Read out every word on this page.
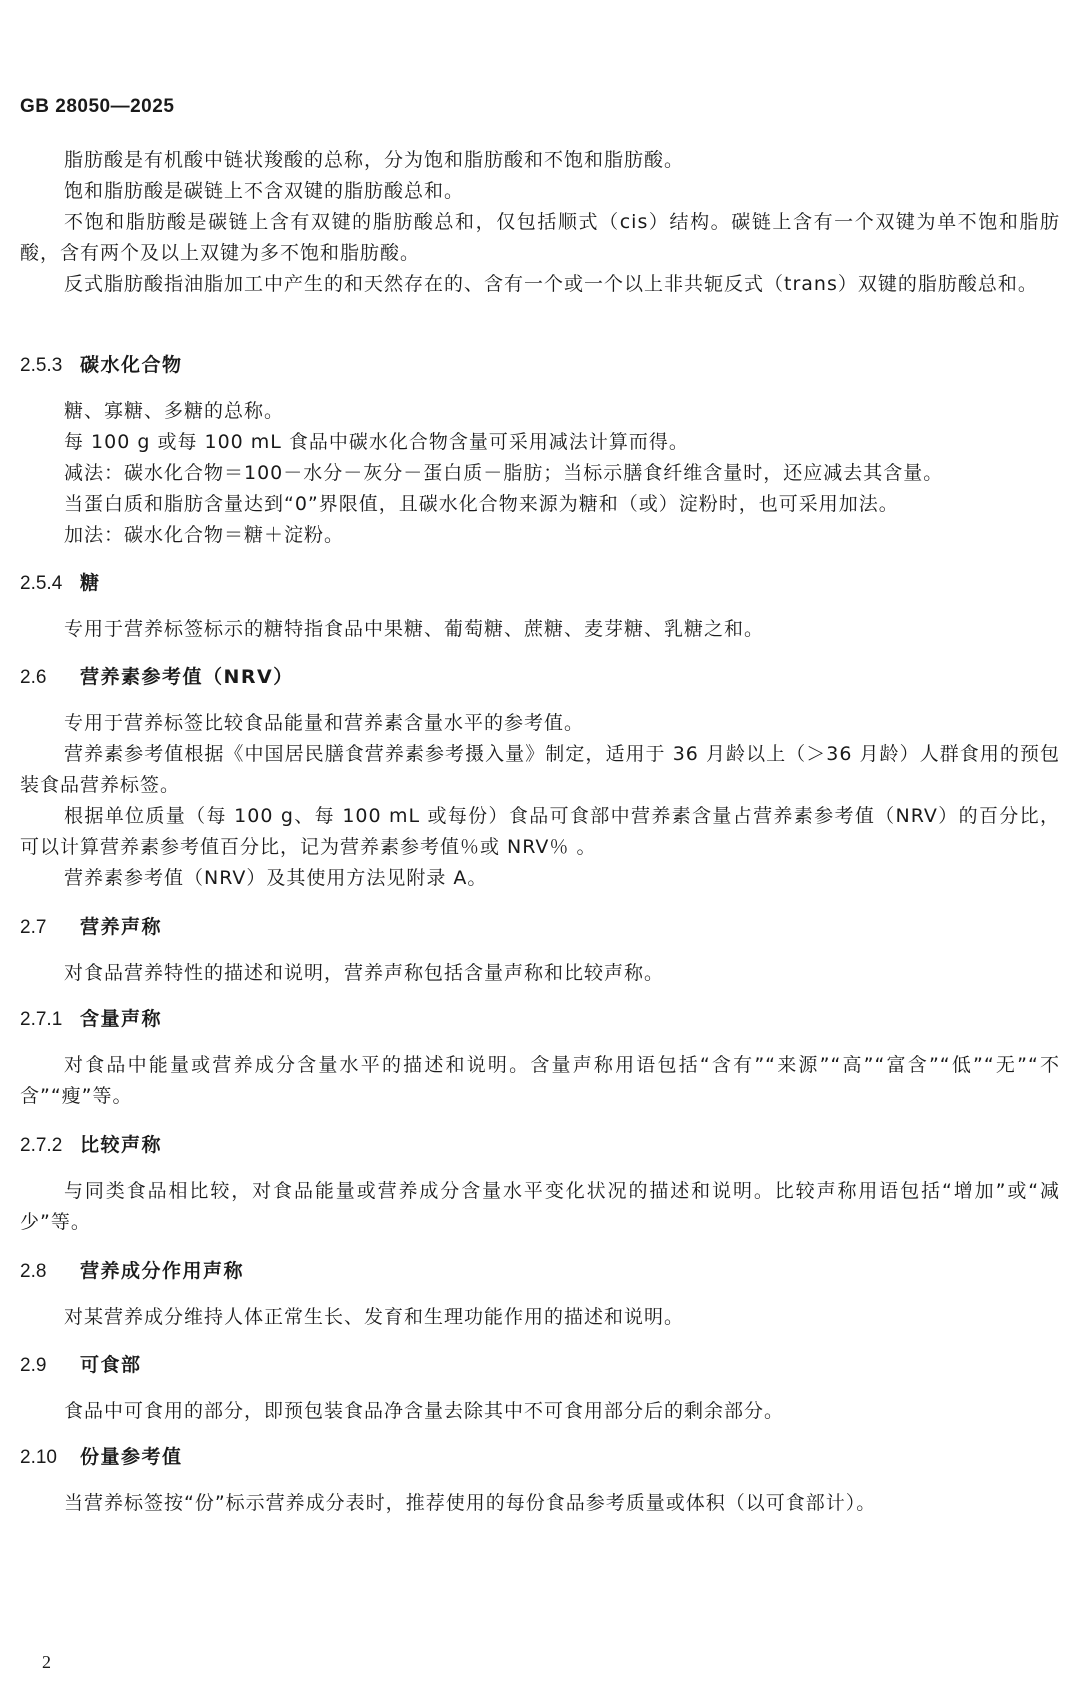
GB 28050—2025

脂肪酸是有机酸中链状羧酸的总称，分为饱和脂肪酸和不饱和脂肪酸。

饱和脂肪酸是碳链上不含双键的脂肪酸总和。

不饱和脂肪酸是碳链上含有双键的脂肪酸总和，仅包括顺式（cis）结构。碳链上含有一个双键为单不饱和脂肪酸，含有两个及以上双键为多不饱和脂肪酸。

反式脂肪酸指油脂加工中产生的和天然存在的、含有一个或一个以上非共轭反式（trans）双键的脂肪酸总和。

2.5.3 碳水化合物

糖、寡糖、多糖的总称。

每 100 g 或每 100 mL 食品中碳水化合物含量可采用减法计算而得。

减法：碳水化合物＝100－水分－灰分－蛋白质－脂肪；当标示膳食纤维含量时，还应减去其含量。

当蛋白质和脂肪含量达到“0”界限值，且碳水化合物来源为糖和（或）淀粉时，也可采用加法。

加法：碳水化合物＝糖＋淀粉。

2.5.4 糖

专用于营养标签标示的糖特指食品中果糖、葡萄糖、蔗糖、麦芽糖、乳糖之和。

2.6 营养素参考值（NRV）

专用于营养标签比较食品能量和营养素含量水平的参考值。

营养素参考值根据《中国居民膳食营养素参考摄入量》制定，适用于 36 月龄以上（＞36 月龄）人群食用的预包装食品营养标签。

根据单位质量（每 100 g、每 100 mL 或每份）食品可食部中营养素含量占营养素参考值（NRV）的百分比，可以计算营养素参考值百分比，记为营养素参考值％或 NRV％ 。

营养素参考值（NRV）及其使用方法见附录 A。

2.7 营养声称

对食品营养特性的描述和说明，营养声称包括含量声称和比较声称。

2.7.1 含量声称

对食品中能量或营养成分含量水平的描述和说明。含量声称用语包括“含有”“来源”“高”“富含”“低”“无”“不含”“瘦”等。

2.7.2 比较声称

与同类食品相比较，对食品能量或营养成分含量水平变化状况的描述和说明。比较声称用语包括“增加”或“减少”等。

2.8 营养成分作用声称

对某营养成分维持人体正常生长、发育和生理功能作用的描述和说明。

2.9 可食部

食品中可食用的部分，即预包装食品净含量去除其中不可食用部分后的剩余部分。

2.10 份量参考值

当营养标签按“份”标示营养成分表时，推荐使用的每份食品参考质量或体积（以可食部计）。

2
